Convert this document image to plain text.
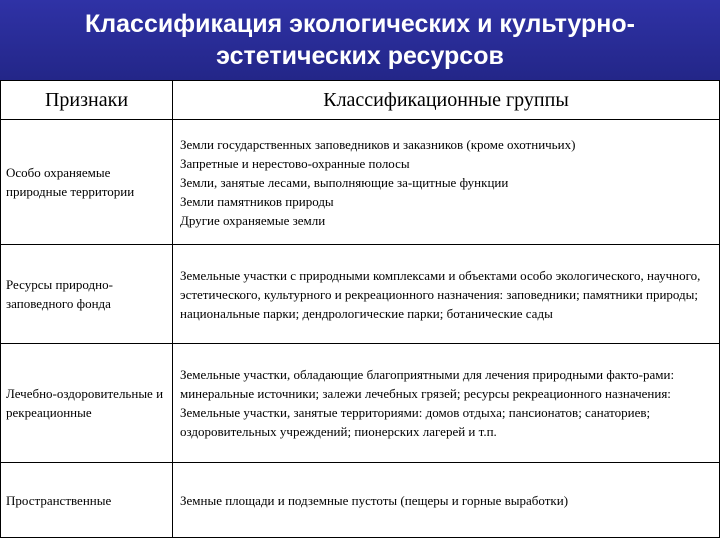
Классификация экологических и культурно-
эстетических ресурсов
Признаки	Классификационные группы
Особо охраняемые природные территории	Земли государственных заповедников и заказников (кроме охотничьих)
Запретные и нерестово-охранные полосы
Земли, занятые лесами, выполняющие за-щитные функции
Земли памятников природы
Другие охраняемые земли

Ресурсы природно-заповедного фонда	Земельные участки с природными комплексами и объектами особо экологического, научного, эстетического, культурного и рекреационного назначения: заповедники; памятники природы; национальные парки; дендрологические парки; ботанические сады

Лечебно-оздоровительные и рекреационные	Земельные участки, обладающие благоприятными для лечения природными факто-рами: минеральные источники; залежи лечебных грязей; ресурсы рекреационного назначения: Земельные участки, занятые территориями: домов отдыха; пансионатов; санаториев; оздоровительных учреждений; пионерских лагерей и т.п.

Пространственные	Земные площади и подземные пустоты (пещеры и горные выработки)
